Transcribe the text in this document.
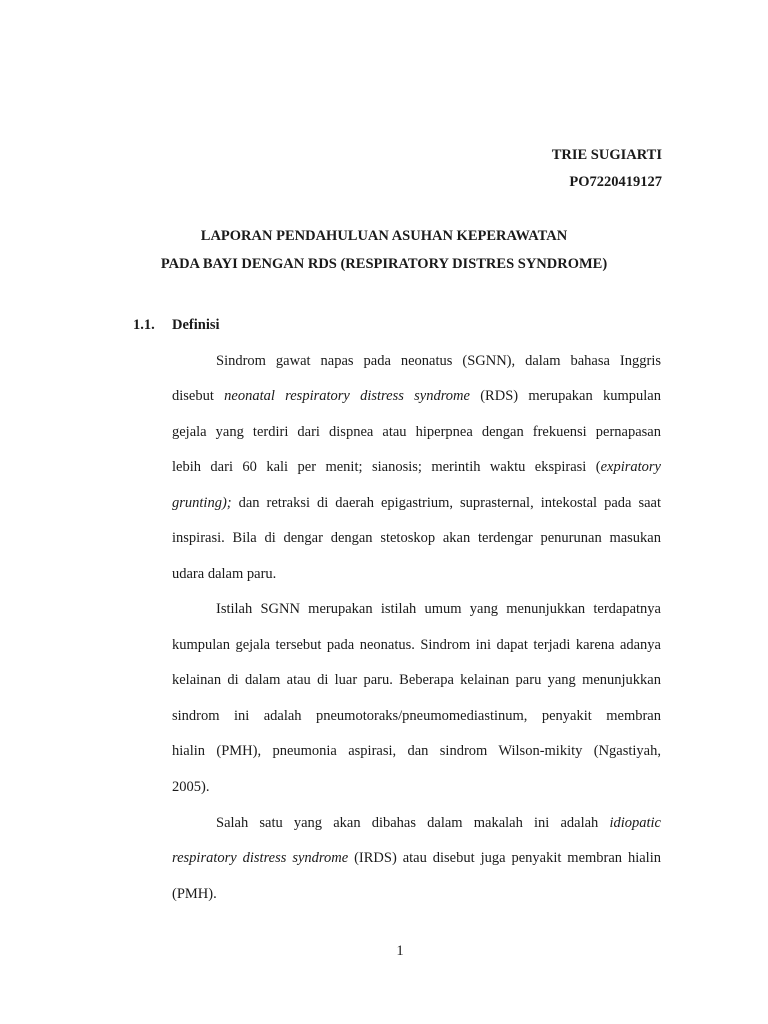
TRIE SUGIARTI
PO7220419127
LAPORAN PENDAHULUAN ASUHAN KEPERAWATAN
PADA BAYI DENGAN RDS (RESPIRATORY DISTRES SYNDROME)
1.1. Definisi
Sindrom gawat napas pada neonatus (SGNN), dalam bahasa Inggris
disebut neonatal respiratory distress syndrome (RDS) merupakan kumpulan
gejala yang terdiri dari dispnea atau hiperpnea dengan frekuensi pernapasan
lebih dari 60 kali per menit; sianosis; merintih waktu ekspirasi (expiratory
grunting); dan retraksi di daerah epigastrium, suprasternal, intekostal pada saat
inspirasi. Bila di dengar dengan stetoskop akan terdengar penurunan masukan
udara dalam paru.
Istilah SGNN merupakan istilah umum yang menunjukkan terdapatnya
kumpulan gejala tersebut pada neonatus. Sindrom ini dapat terjadi karena adanya
kelainan di dalam atau di luar paru. Beberapa kelainan paru yang menunjukkan
sindrom ini adalah pneumotoraks/pneumomediastinum, penyakit membran
hialin (PMH), pneumonia aspirasi, dan sindrom Wilson-mikity (Ngastiyah,
2005).
Salah satu yang akan dibahas dalam makalah ini adalah idiopatic
respiratory distress syndrome (IRDS) atau disebut juga penyakit membran hialin
(PMH).
1
